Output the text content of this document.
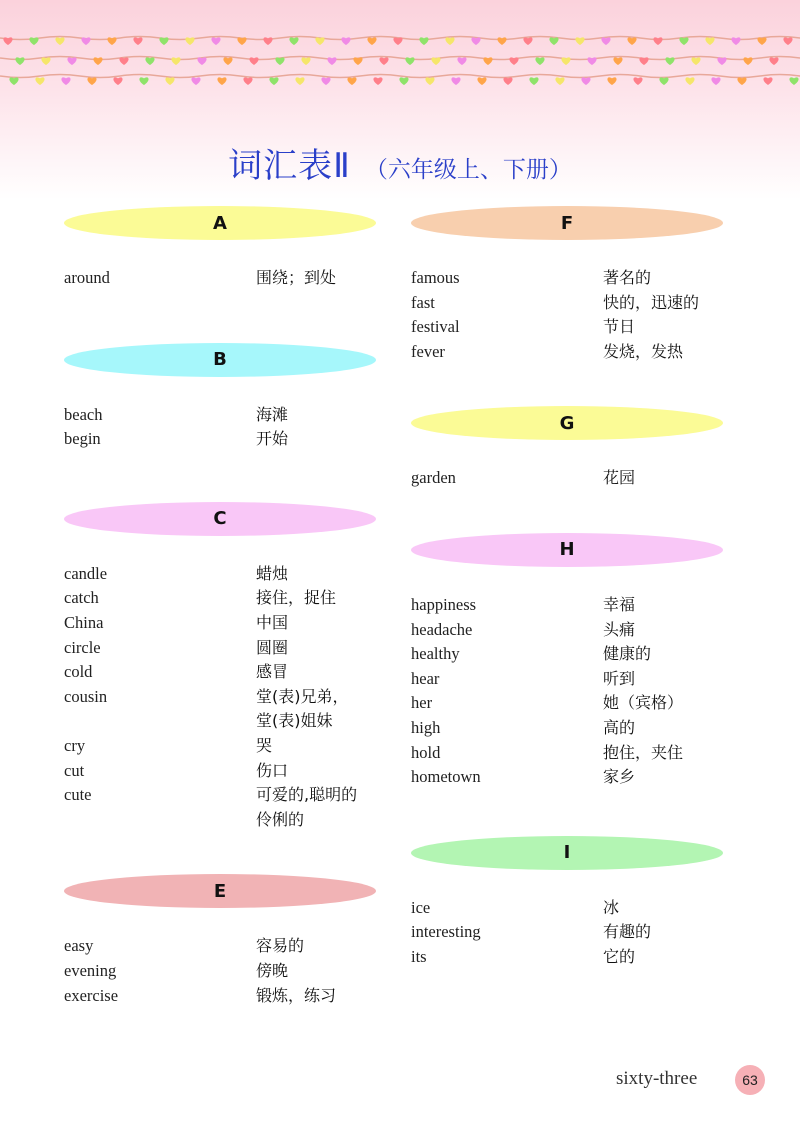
词汇表Ⅱ （六年级上、下册）
A
around	围绕；到处
B
beach	海滩
begin	开始
C
candle	蜡烛
catch	接住，捉住
China	中国
circle	圆圈
cold	感冒
cousin	堂(表)兄弟，
堂(表)姐妹
cry	哭
cut	伤口
cute	可爱的,聪明的
伶俐的
E
easy	容易的
evening	傍晚
exercise	锻炼，练习
F
famous	著名的
fast	快的，迅速的
festival	节日
fever	发烧，发热
G
garden	花园
H
happiness	幸福
headache	头痛
healthy	健康的
hear	听到
her	她（宾格）
high	高的
hold	抱住，夹住
hometown	家乡
I
ice	冰
interesting	有趣的
its	它的
sixty-three	63
